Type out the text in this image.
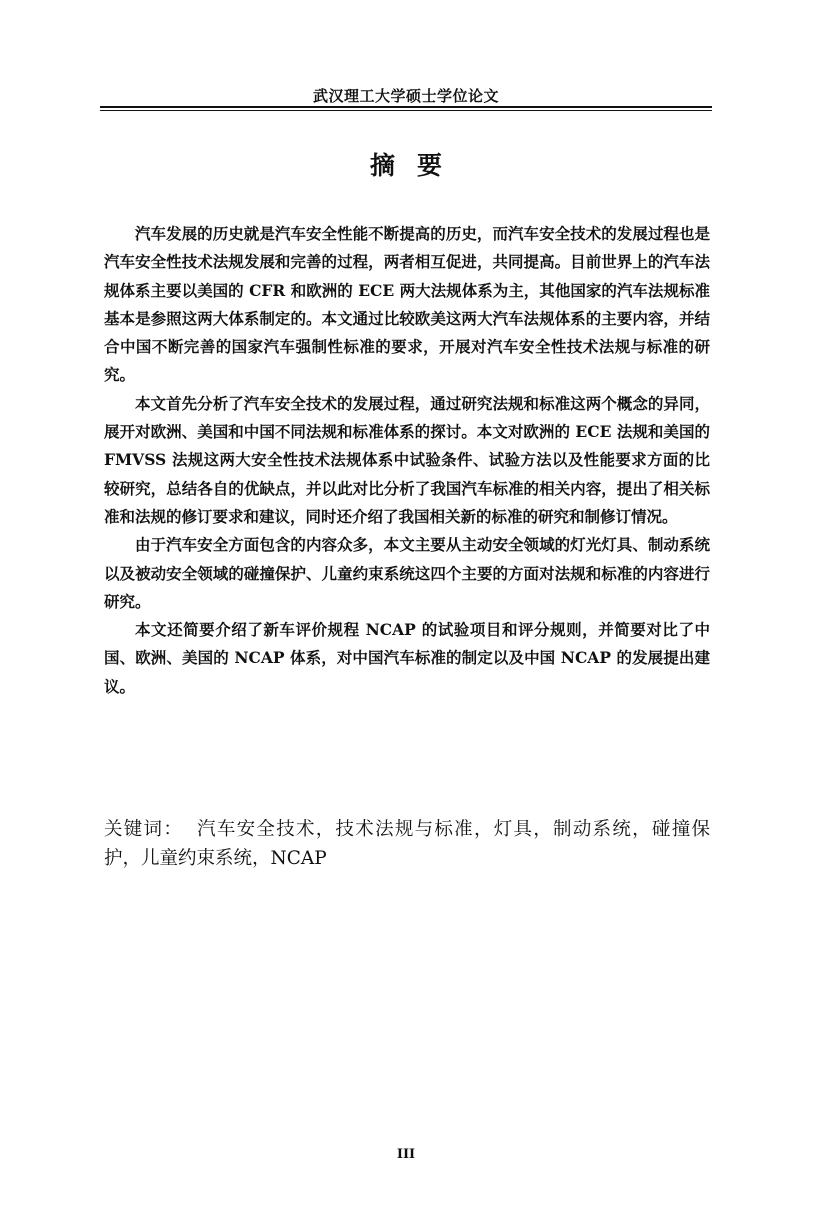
武汉理工大学硕士学位论文
摘要

汽车发展的历史就是汽车安全性能不断提高的历史，而汽车安全技术的发展过程也是汽车安全性技术法规发展和完善的过程，两者相互促进，共同提高。目前世界上的汽车法规体系主要以美国的 CFR 和欧洲的 ECE 两大法规体系为主，其他国家的汽车法规标准基本是参照这两大体系制定的。本文通过比较欧美这两大汽车法规体系的主要内容，并结合中国不断完善的国家汽车强制性标准的要求，开展对汽车安全性技术法规与标准的研究。

本文首先分析了汽车安全技术的发展过程，通过研究法规和标准这两个概念的异同，展开对欧洲、美国和中国不同法规和标准体系的探讨。本文对欧洲的 ECE 法规和美国的 FMVSS 法规这两大安全性技术法规体系中试验条件、试验方法以及性能要求方面的比较研究，总结各自的优缺点，并以此对比分析了我国汽车标准的相关内容，提出了相关标准和法规的修订要求和建议，同时还介绍了我国相关新的标准的研究和制修订情况。

由于汽车安全方面包含的内容众多，本文主要从主动安全领域的灯光灯具、制动系统以及被动安全领域的碰撞保护、儿童约束系统这四个主要的方面对法规和标准的内容进行研究。

本文还简要介绍了新车评价规程 NCAP 的试验项目和评分规则，并简要对比了中国、欧洲、美国的 NCAP 体系，对中国汽车标准的制定以及中国 NCAP 的发展提出建议。

关键词： 汽车安全技术，技术法规与标准，灯具，制动系统，碰撞保护，儿童约束系统，NCAP
III
